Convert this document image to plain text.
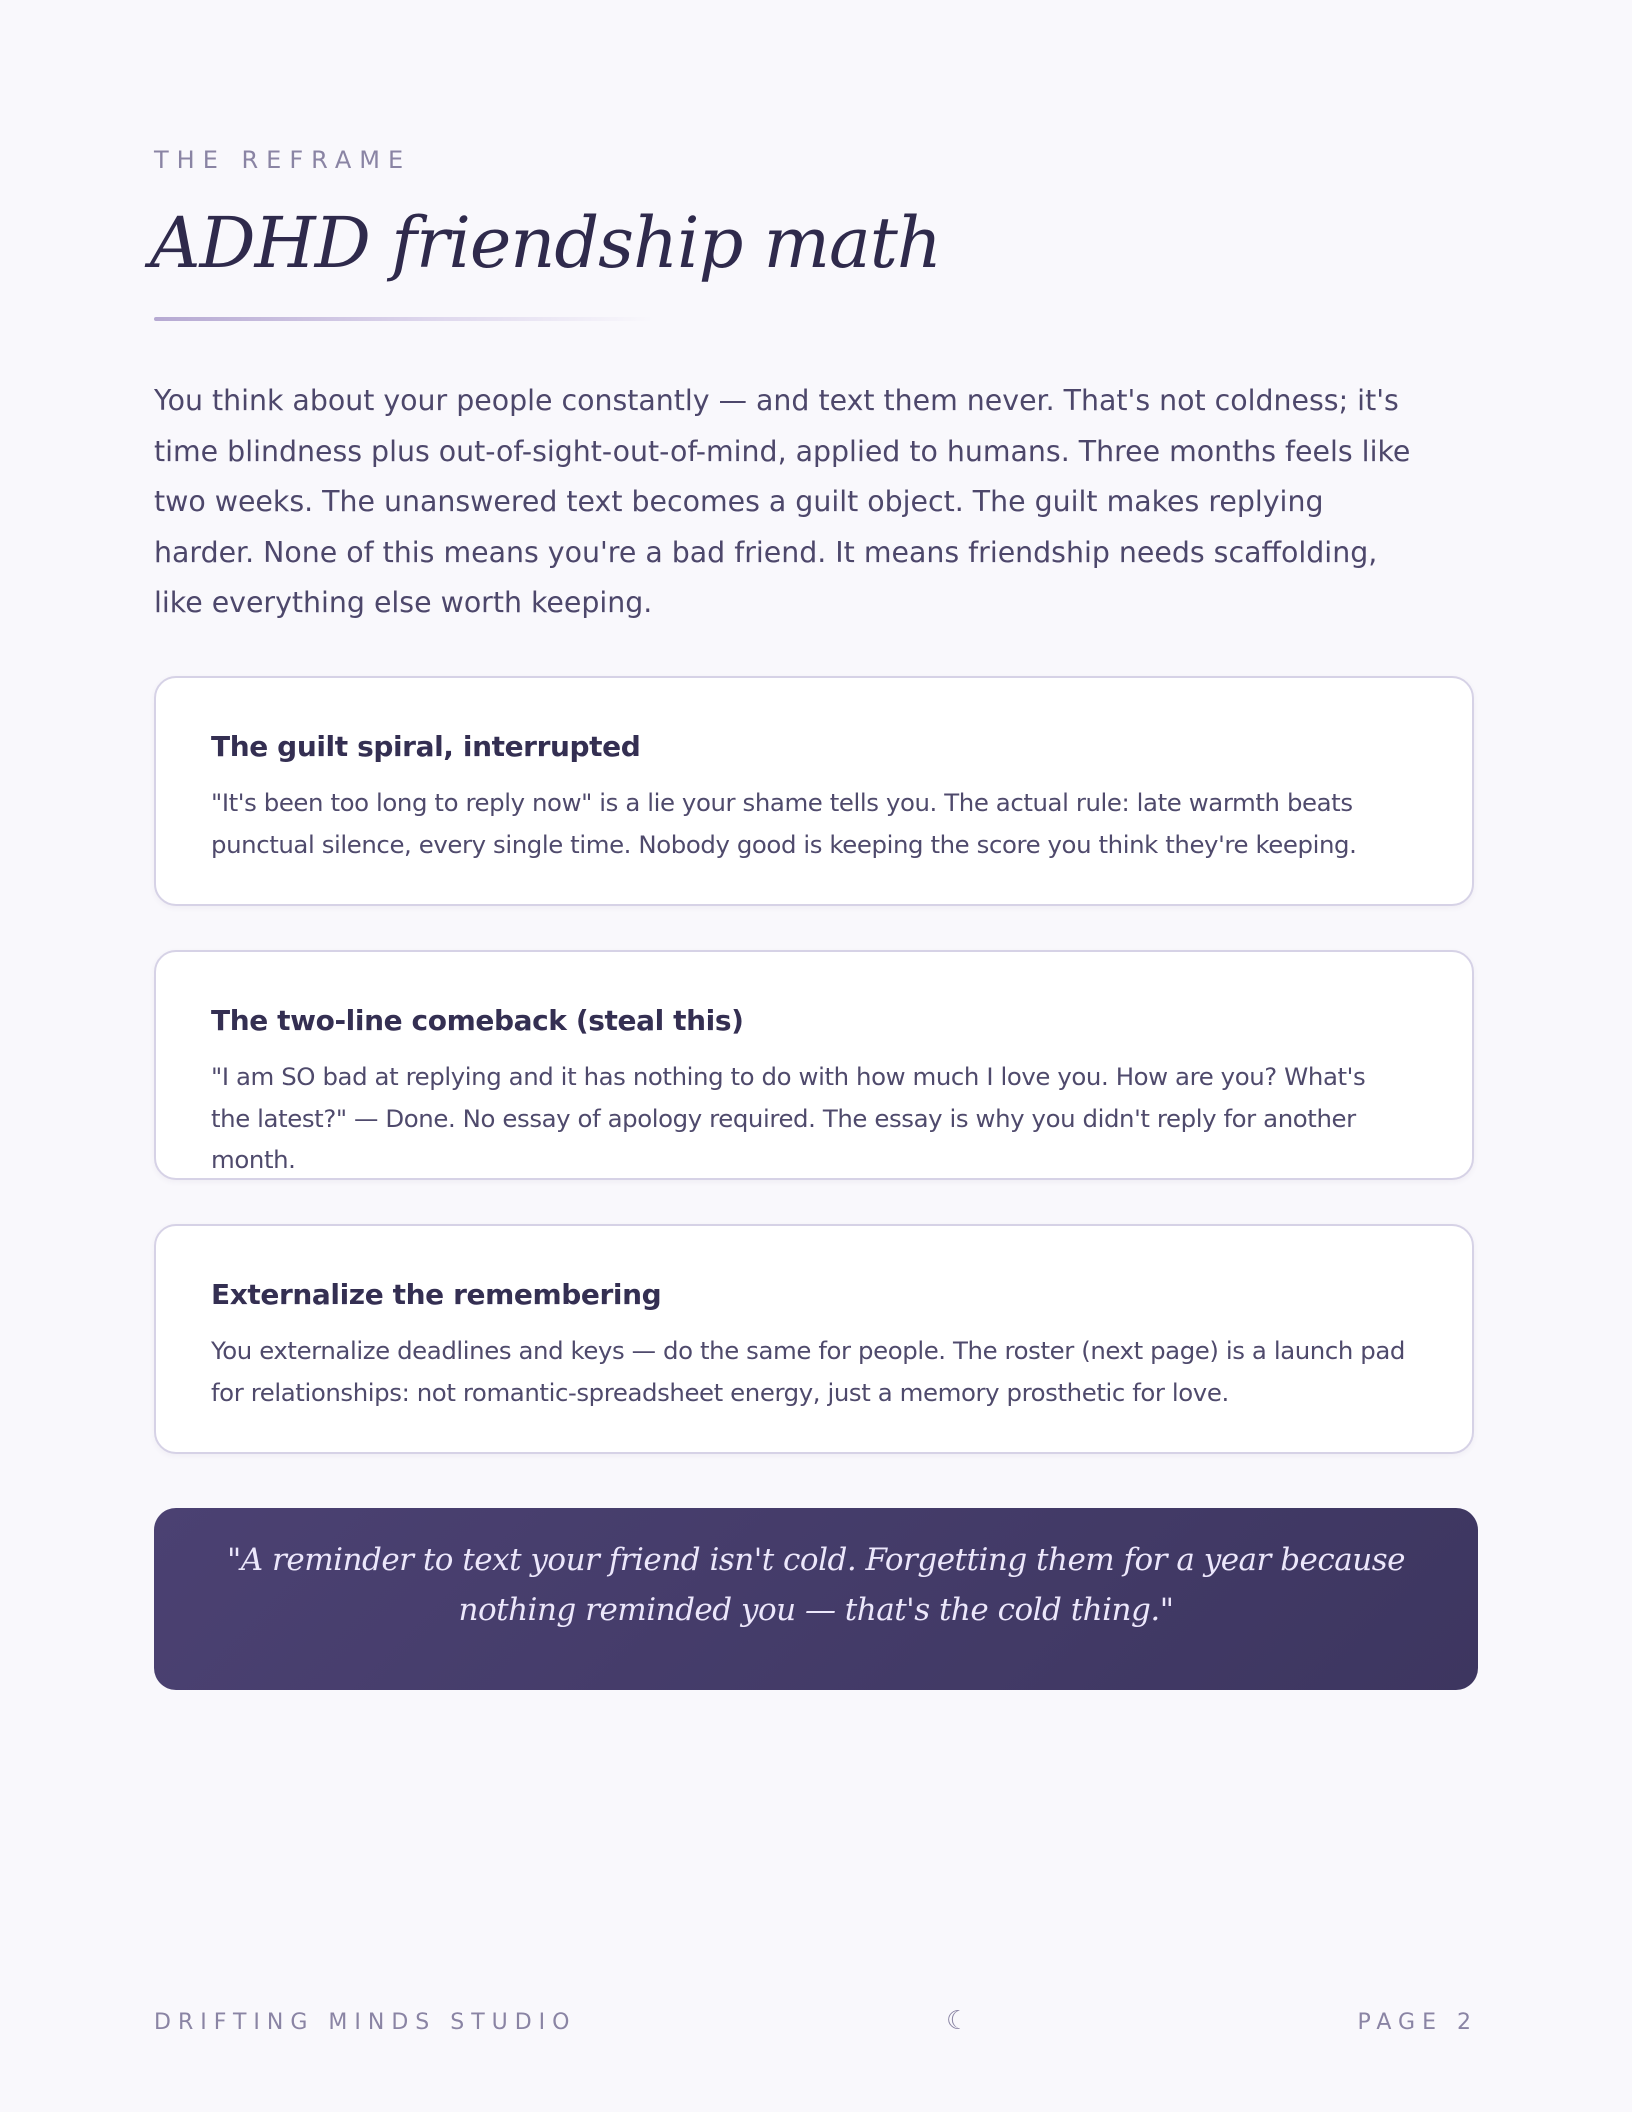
THE REFRAME
ADHD friendship math

You think about your people constantly — and text them never. That's not coldness; it's time blindness plus out-of-sight-out-of-mind, applied to humans. Three months feels like two weeks. The unanswered text becomes a guilt object. The guilt makes replying harder. None of this means you're a bad friend. It means friendship needs scaffolding, like everything else worth keeping.

The guilt spiral, interrupted

"It's been too long to reply now" is a lie your shame tells you. The actual rule: late warmth beats punctual silence, every single time. Nobody good is keeping the score you think they're keeping.

The two-line comeback (steal this)

"I am SO bad at replying and it has nothing to do with how much I love you. How are you? What's the latest?" — Done. No essay of apology required. The essay is why you didn't reply for another month.

Externalize the remembering

You externalize deadlines and keys — do the same for people. The roster (next page) is a launch pad for relationships: not romantic-spreadsheet energy, just a memory prosthetic for love.

"A reminder to text your friend isn't cold. Forgetting them for a year because nothing reminded you — that's the cold thing."

DRIFTING MINDS STUDIO	☾	PAGE 2
